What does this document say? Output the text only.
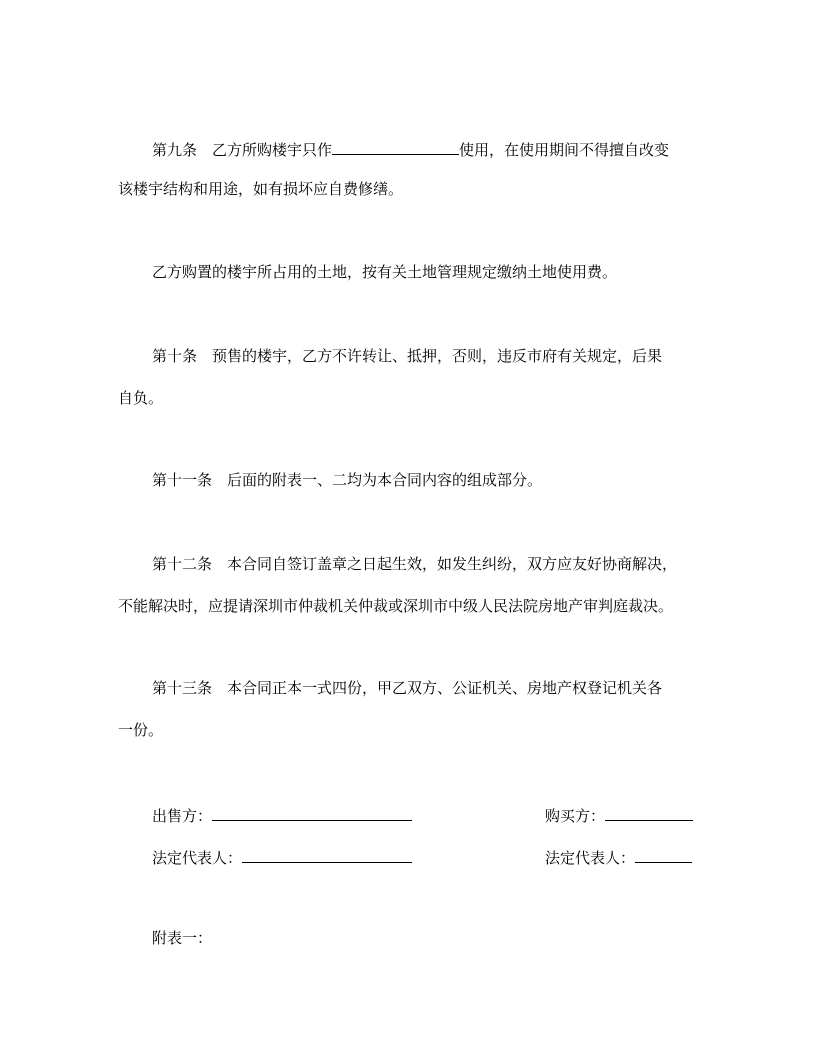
第九条　乙方所购楼宇只作	使用，在使用期间不得擅自改变
该楼宇结构和用途，如有损坏应自费修缮。
乙方购置的楼宇所占用的土地，按有关土地管理规定缴纳土地使用费。
第十条　预售的楼宇，乙方不许转让、抵押，否则，违反市府有关规定，后果
自负。
第十一条　后面的附表一、二均为本合同内容的组成部分。
第十二条　本合同自签订盖章之日起生效，如发生纠纷，双方应友好协商解决，
不能解决时，应提请深圳市仲裁机关仲裁或深圳市中级人民法院房地产审判庭裁决。
第十三条　本合同正本一式四份，甲乙双方、公证机关、房地产权登记机关各
一份。
出售方：	购买方：
法定代表人：	法定代表人：
附表一：
